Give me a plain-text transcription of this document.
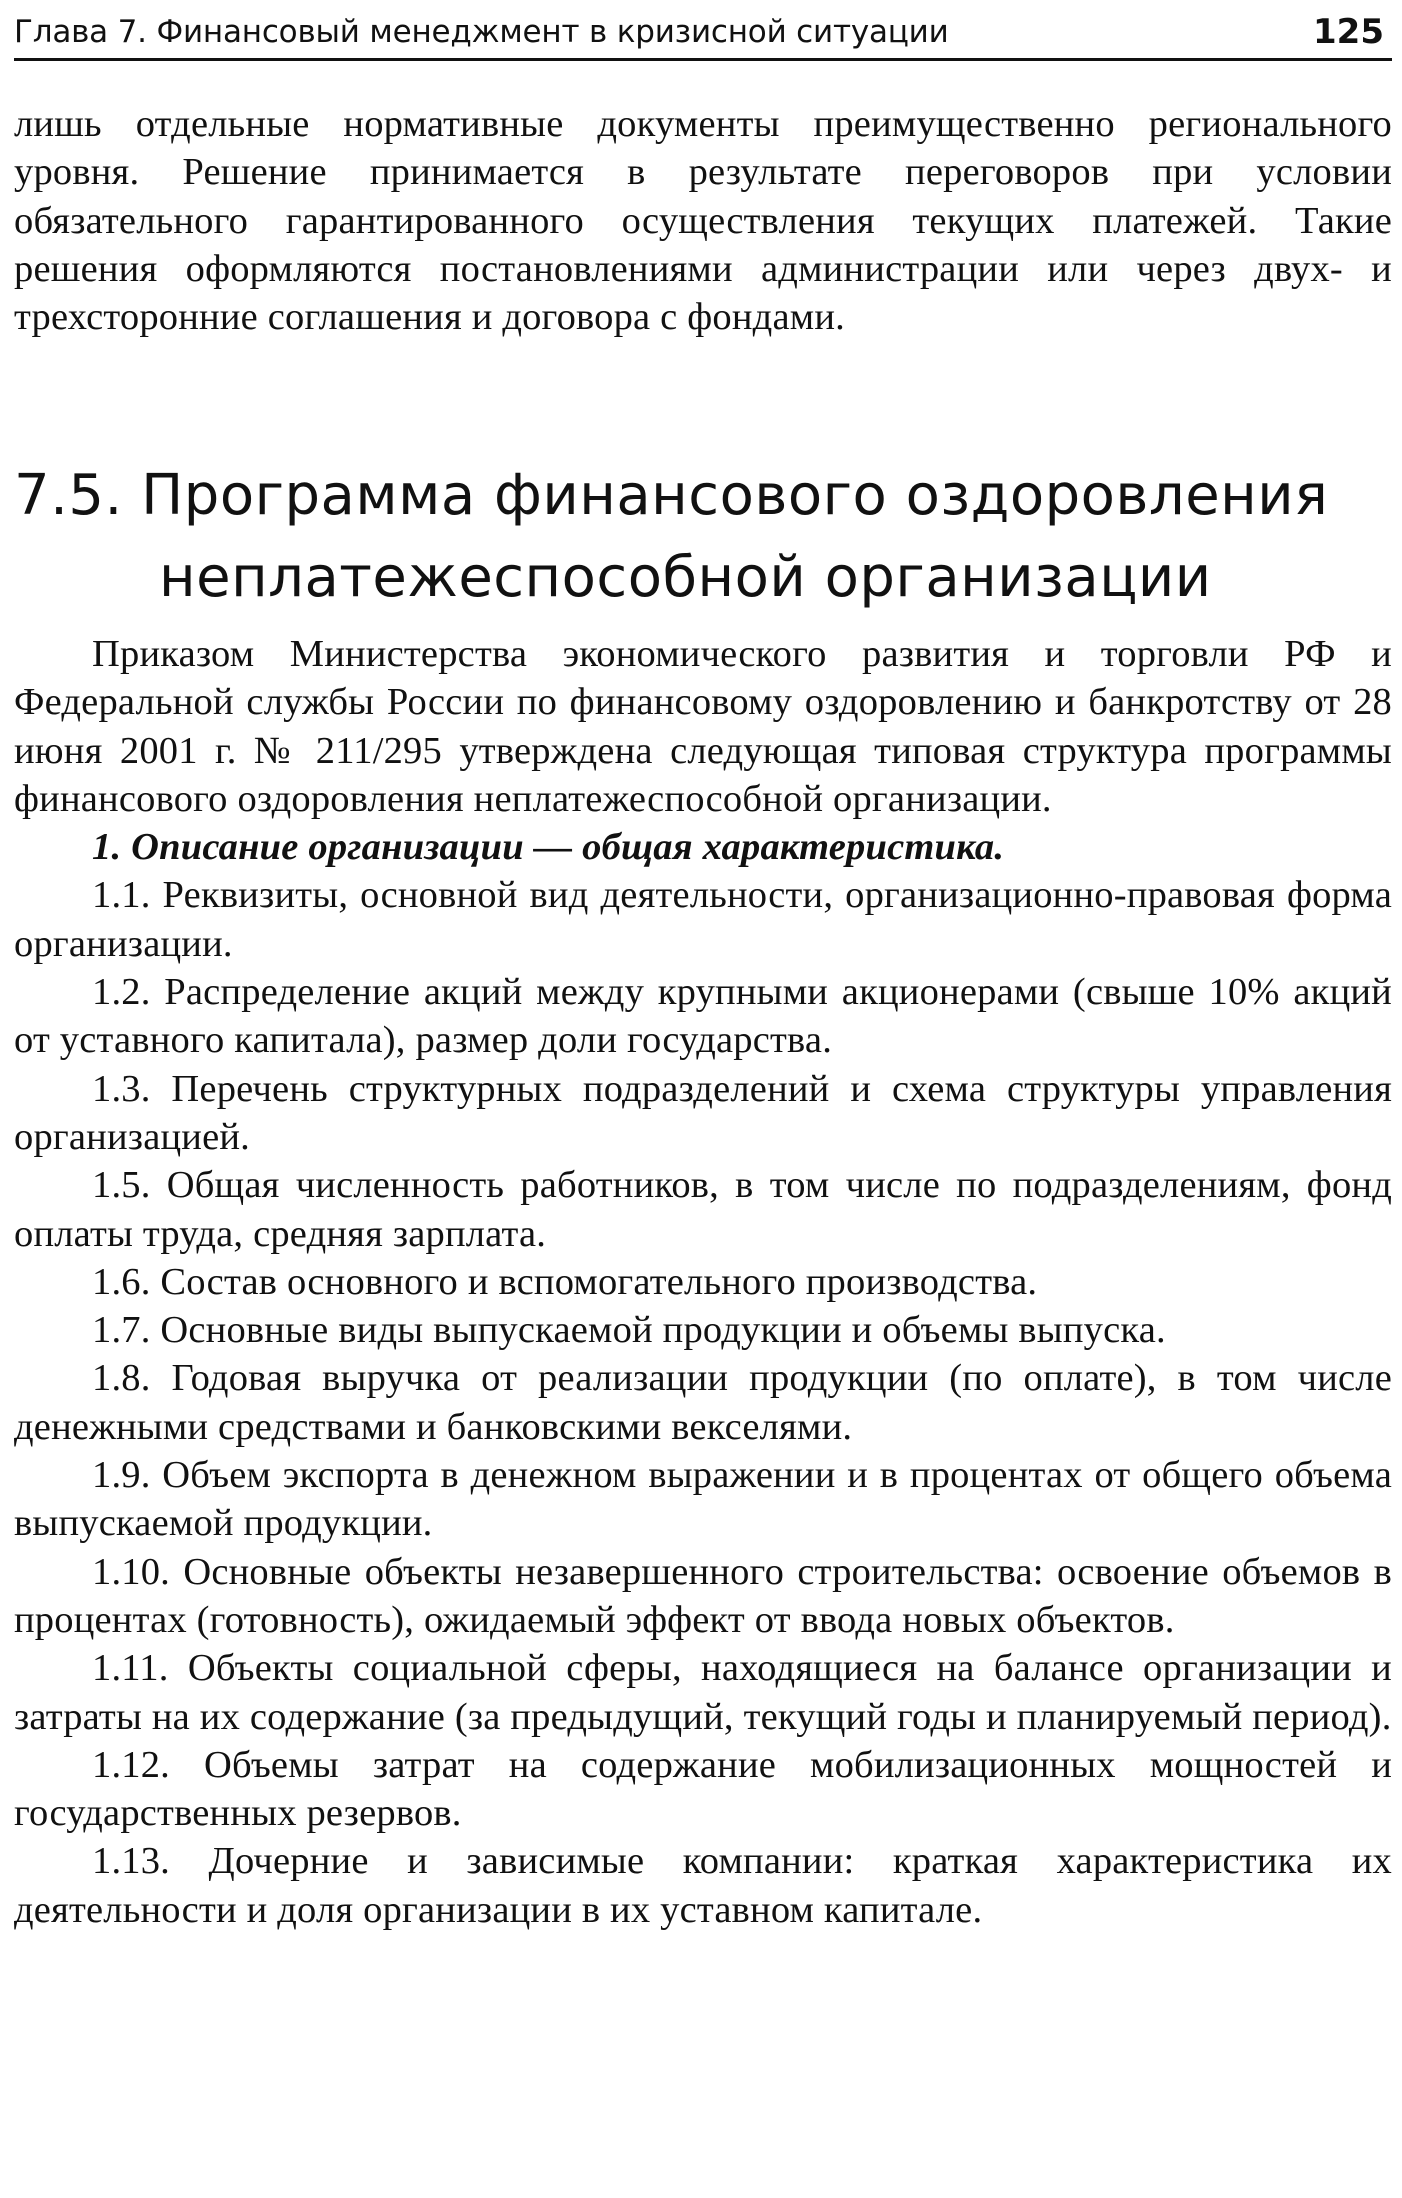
Глава 7. Финансовый менеджмент в кризисной ситуации	125
лишь отдельные нормативные документы преимущественно регионального уровня. Решение принимается в результате переговоров при условии обязательного гарантированного осуществления текущих платежей. Такие решения оформляются постановлениями администрации или через двух- и трехсторонние соглашения и договора с фондами.
7.5. Программа финансового оздоровления
неплатежеспособной организации

Приказом Министерства экономического развития и торговли РФ и Федеральной службы России по финансовому оздоровлению и банкротству от 28 июня 2001 г. № 211/295 утверждена следующая типовая структура программы финансового оздоровления неплатежеспособной организации.

1. Описание организации — общая характеристика.

1.1. Реквизиты, основной вид деятельности, организационно-правовая форма организации.

1.2. Распределение акций между крупными акционерами (свыше 10% акций от уставного капитала), размер доли государства.

1.3. Перечень структурных подразделений и схема структуры управления организацией.

1.5. Общая численность работников, в том числе по подразделениям, фонд оплаты труда, средняя зарплата.

1.6. Состав основного и вспомогательного производства.

1.7. Основные виды выпускаемой продукции и объемы выпуска.

1.8. Годовая выручка от реализации продукции (по оплате), в том числе денежными средствами и банковскими векселями.

1.9. Объем экспорта в денежном выражении и в процентах от общего объема выпускаемой продукции.

1.10. Основные объекты незавершенного строительства: освоение объемов в процентах (готовность), ожидаемый эффект от ввода новых объектов.

1.11. Объекты социальной сферы, находящиеся на балансе организации и затраты на их содержание (за предыдущий, текущий годы и планируемый период).

1.12. Объемы затрат на содержание мобилизационных мощностей и государственных резервов.

1.13. Дочерние и зависимые компании: краткая характеристика их деятельности и доля организации в их уставном капитале.
